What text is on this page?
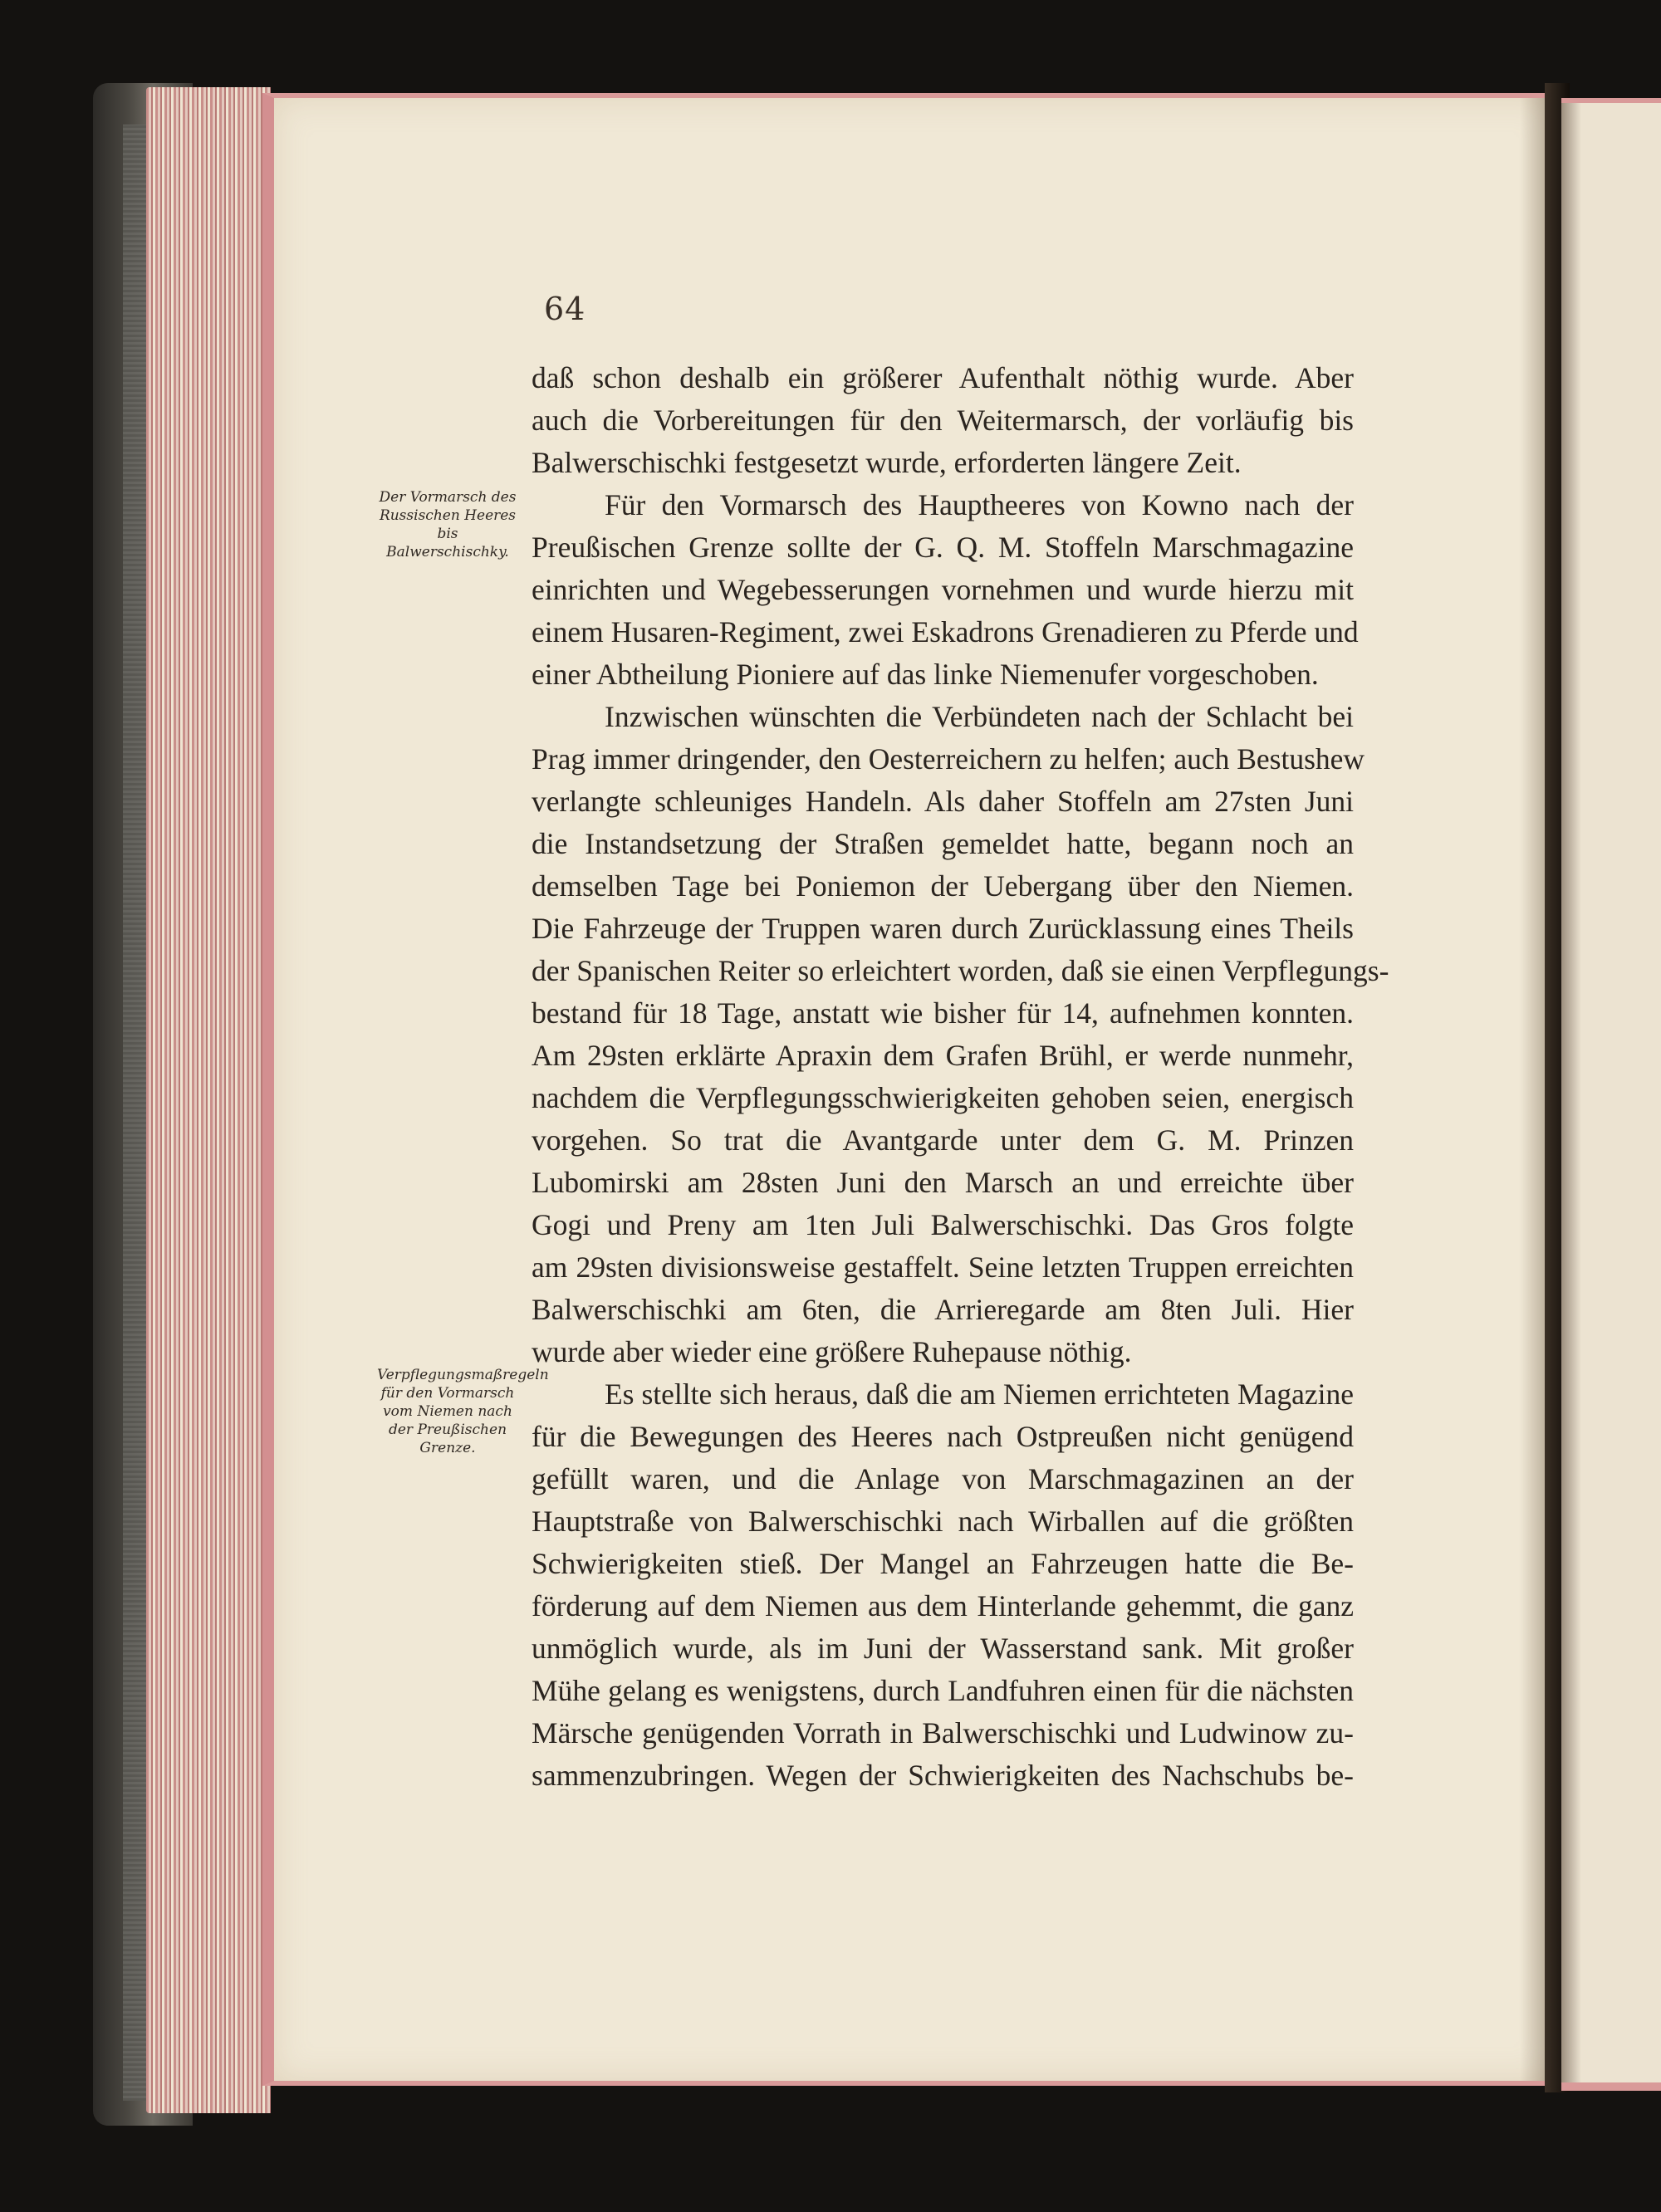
64
Der Vormarsch des Russischen Heeres bis Balwerschischky.
Verpflegungsmaßregeln für den Vormarsch vom Niemen nach der Preußischen Grenze.
daß schon deshalb ein größerer Aufenthalt nöthig wurde. Aber
auch die Vorbereitungen für den Weitermarsch, der vorläufig bis
Balwerschischki festgesetzt wurde, erforderten längere Zeit.
Für den Vormarsch des Hauptheeres von Kowno nach der
Preußischen Grenze sollte der G. Q. M. Stoffeln Marschmagazine
einrichten und Wegebesserungen vornehmen und wurde hierzu mit
einem Husaren-Regiment, zwei Eskadrons Grenadieren zu Pferde und
einer Abtheilung Pioniere auf das linke Niemenufer vorgeschoben.
Inzwischen wünschten die Verbündeten nach der Schlacht bei
Prag immer dringender, den Oesterreichern zu helfen; auch Bestushew
verlangte schleuniges Handeln. Als daher Stoffeln am 27sten Juni
die Instandsetzung der Straßen gemeldet hatte, begann noch an
demselben Tage bei Poniemon der Uebergang über den Niemen.
Die Fahrzeuge der Truppen waren durch Zurücklassung eines Theils
der Spanischen Reiter so erleichtert worden, daß sie einen Verpflegungs-
bestand für 18 Tage, anstatt wie bisher für 14, aufnehmen konnten.
Am 29sten erklärte Apraxin dem Grafen Brühl, er werde nunmehr,
nachdem die Verpflegungsschwierigkeiten gehoben seien, energisch
vorgehen. So trat die Avantgarde unter dem G. M. Prinzen
Lubomirski am 28sten Juni den Marsch an und erreichte über
Gogi und Preny am 1ten Juli Balwerschischki. Das Gros folgte
am 29sten divisionsweise gestaffelt. Seine letzten Truppen erreichten
Balwerschischki am 6ten, die Arrieregarde am 8ten Juli. Hier
wurde aber wieder eine größere Ruhepause nöthig.
Es stellte sich heraus, daß die am Niemen errichteten Magazine
für die Bewegungen des Heeres nach Ostpreußen nicht genügend
gefüllt waren, und die Anlage von Marschmagazinen an der
Hauptstraße von Balwerschischki nach Wirballen auf die größten
Schwierigkeiten stieß. Der Mangel an Fahrzeugen hatte die Be-
förderung auf dem Niemen aus dem Hinterlande gehemmt, die ganz
unmöglich wurde, als im Juni der Wasserstand sank. Mit großer
Mühe gelang es wenigstens, durch Landfuhren einen für die nächsten
Märsche genügenden Vorrath in Balwerschischki und Ludwinow zu-
sammenzubringen. Wegen der Schwierigkeiten des Nachschubs be-
